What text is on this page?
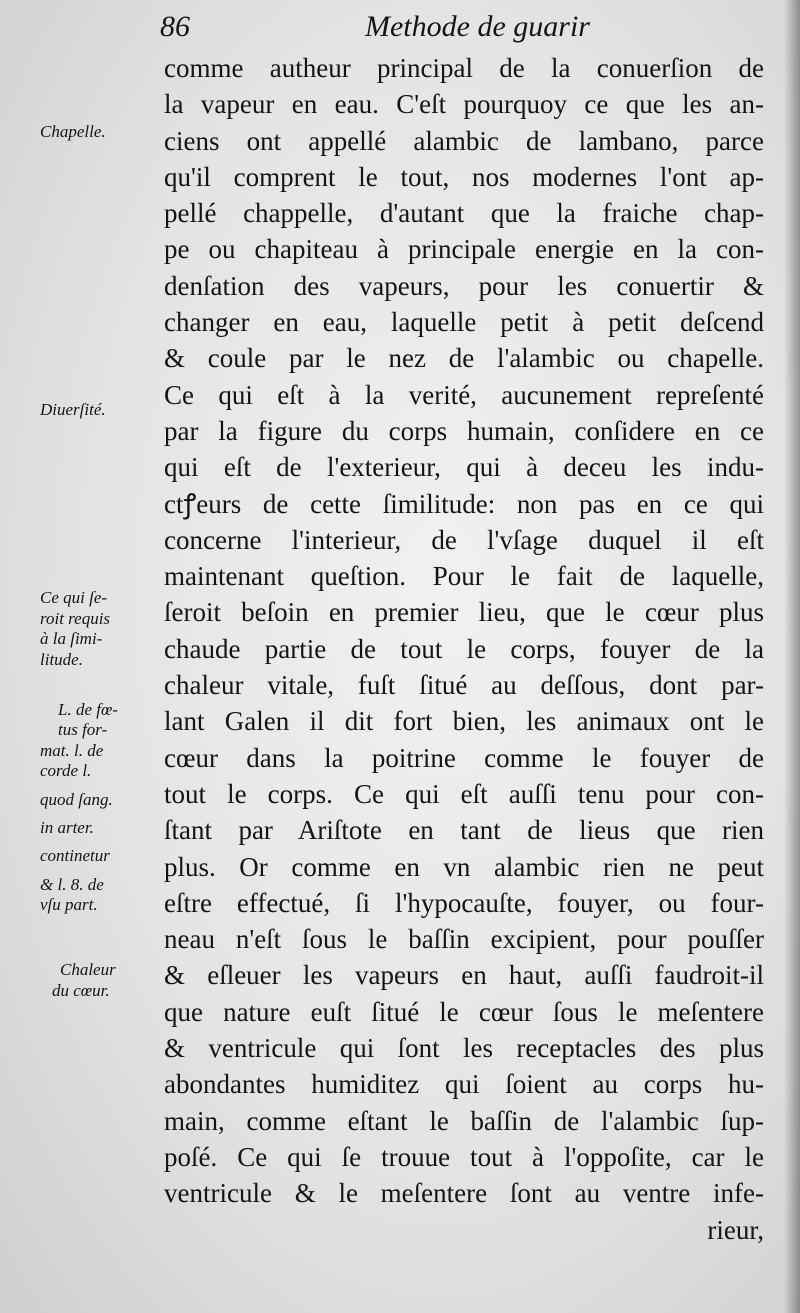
86	Methode de guarir
comme autheur principal de la conuerſion de
la vapeur en eau. C'eſt pourquoy ce que les an-
ciens ont appellé alambic de lambano, parce
qu'il comprent le tout, nos modernes l'ont ap-
pellé chappelle, d'autant que la fraiche chap-
pe ou chapiteau à principale energie en la con-
denſation des vapeurs, pour les conuertir &
changer en eau, laquelle petit à petit deſcend
& coule par le nez de l'alambic ou chapelle.
Ce qui eſt à la verité, aucunement repreſenté
par la figure du corps humain, conſidere en ce
qui eſt de l'exterieur, qui à deceu les indu-
ctꝭeurs de cette ſimilitude: non pas en ce qui
concerne l'interieur, de l'vſage duquel il eſt
maintenant queſtion. Pour le fait de laquelle,
ſeroit beſoin en premier lieu, que le cœur plus
chaude partie de tout le corps, fouyer de la
chaleur vitale, fuſt ſitué au deſſous, dont par-
lant Galen il dit fort bien, les animaux ont le
cœur dans la poitrine comme le fouyer de
tout le corps. Ce qui eſt auſſi tenu pour con-
ſtant par Ariſtote en tant de lieus que rien
plus. Or comme en vn alambic rien ne peut
eſtre effectué, ſi l'hypocauſte, fouyer, ou four-
neau n'eſt ſous le baſſin excipient, pour pouſſer
& eſleuer les vapeurs en haut, auſſi faudroit-il
que nature euſt ſitué le cœur ſous le meſentere
& ventricule qui ſont les receptacles des plus
abondantes humiditez qui ſoient au corps hu-
main, comme eſtant le baſſin de l'alambic ſup-
poſé. Ce qui ſe trouue tout à l'oppoſite, car le
ventricule & le meſentere ſont au ventre infe-
rieur,

Chapelle.

Diuerſité.

Ce qui ſe-
roit requis
à la ſimi-
litude.

L. de fœ-
tus for-
mat. l. de
corde l.
quod ſang.
in arter.
continetur
& l. 8. de
vſu part.

Chaleur
du cœur.
